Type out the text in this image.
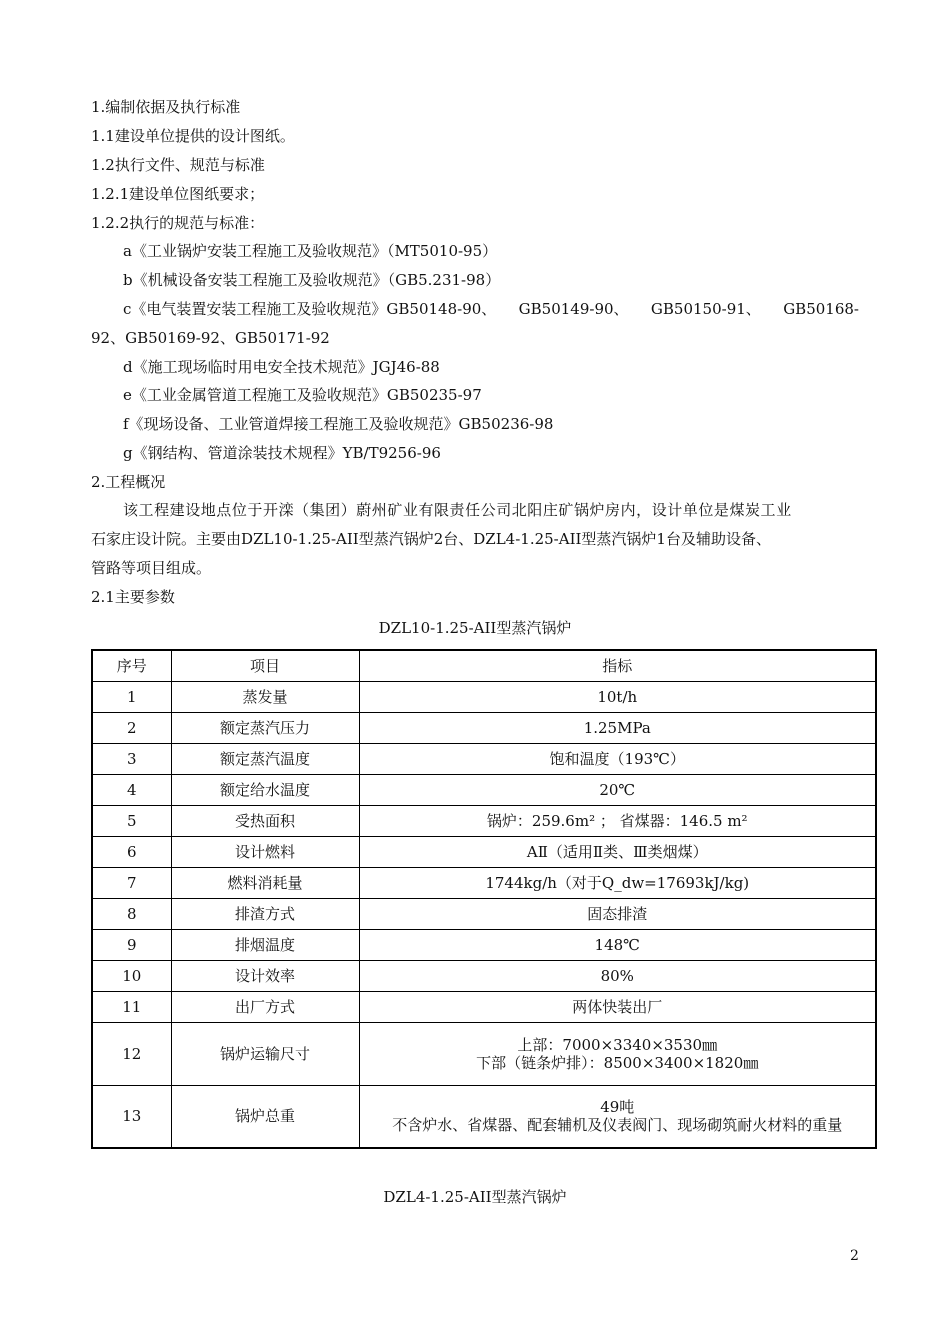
1.编制依据及执行标准
1.1建设单位提供的设计图纸。
1.2执行文件、规范与标准
1.2.1建设单位图纸要求；
1.2.2执行的规范与标准：
a《工业锅炉安装工程施工及验收规范》（MT5010-95）
b《机械设备安装工程施工及验收规范》（GB5.231-98）
c《电气装置安装工程施工及验收规范》GB50148-90、 GB50149-90、 GB50150-91、 GB50168-
92、GB50169-92、GB50171-92
d《施工现场临时用电安全技术规范》JGJ46-88
e《工业金属管道工程施工及验收规范》GB50235-97
f《现场设备、工业管道焊接工程施工及验收规范》GB50236-98
g《钢结构、管道涂装技术规程》YB/T9256-96
2.工程概况
该工程建设地点位于开滦（集团）蔚州矿业有限责任公司北阳庄矿锅炉房内，设计单位是煤炭工业
石家庄设计院。主要由DZL10-1.25-AII型蒸汽锅炉2台、DZL4-1.25-AII型蒸汽锅炉1台及辅助设备、
管路等项目组成。
2.1主要参数
DZL10-1.25-AII型蒸汽锅炉
序号	项目	指标
1	蒸发量	10t/h
2	额定蒸汽压力	1.25MPa
3	额定蒸汽温度	饱和温度（193℃）
4	额定给水温度	20℃
5	受热面积	锅炉：259.6m² ； 省煤器：146.5 m²
6	设计燃料	AⅡ（适用Ⅱ类、Ⅲ类烟煤）
7	燃料消耗量	1744kg/h（对于Q_dw=17693kJ/kg)
8	排渣方式	固态排渣
9	排烟温度	148℃
10	设计效率	80%
11	出厂方式	两体快装出厂
12	锅炉运输尺寸	上部：7000×3340×3530㎜
下部（链条炉排）：8500×3400×1820㎜

13	锅炉总重	49吨
不含炉水、省煤器、配套辅机及仪表阀门、现场砌筑耐火材料的重量
DZL4-1.25-AII型蒸汽锅炉
2
